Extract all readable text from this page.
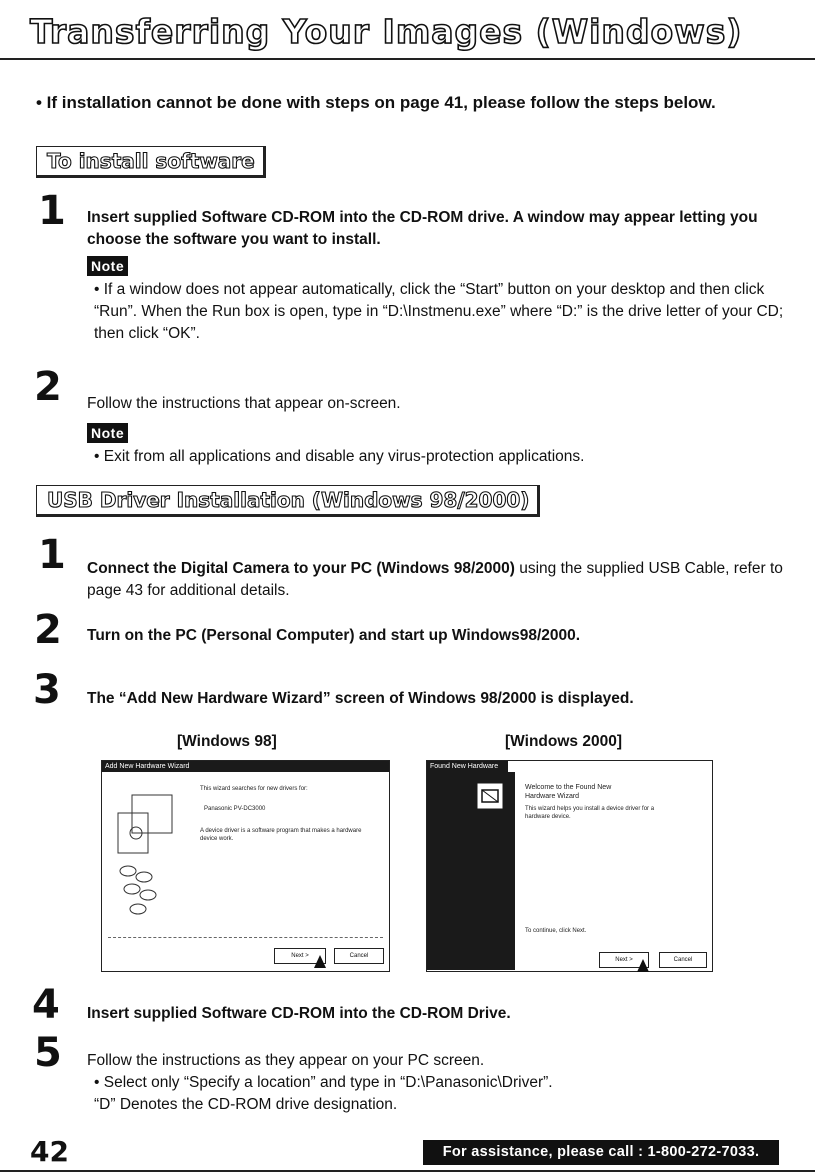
Transferring Your Images (Windows)
• If installation cannot be done with steps on page 41, please follow the steps below.
To install software
1 Insert supplied Software CD-ROM into the CD-ROM drive. A window may appear letting you choose the software you want to install.
Note
• If a window does not appear automatically, click the “Start” button on your desktop and then click “Run”. When the Run box is open, type in “D:\Instmenu.exe” where “D:” is the drive letter of your CD; then click “OK”.
2 Follow the instructions that appear on-screen.
Note
• Exit from all applications and disable any virus-protection applications.
USB Driver Installation (Windows 98/2000)
1 Connect the Digital Camera to your PC (Windows 98/2000) using the supplied USB Cable, refer to page 43 for additional details.
2 Turn on the PC (Personal Computer) and start up Windows98/2000.
3 The “Add New Hardware Wizard” screen of Windows 98/2000 is displayed.
[Windows 98]	[Windows 2000]
Add New Hardware Wizard
This wizard searches for new drivers for:
Panasonic PV-DC3000
A device driver is a software program that makes a hardware device work.
Next >	Cancel
Found New Hardware
Welcome to the Found New Hardware Wizard
This wizard helps you install a device driver for a hardware device.
To continue, click Next.
Next >	Cancel
4 Insert supplied Software CD-ROM into the CD-ROM Drive.
5 Follow the instructions as they appear on your PC screen.
• Select only “Specify a location” and type in “D:\Panasonic\Driver”.
“D” Denotes the CD-ROM drive designation.
42	For assistance, please call : 1-800-272-7033.
